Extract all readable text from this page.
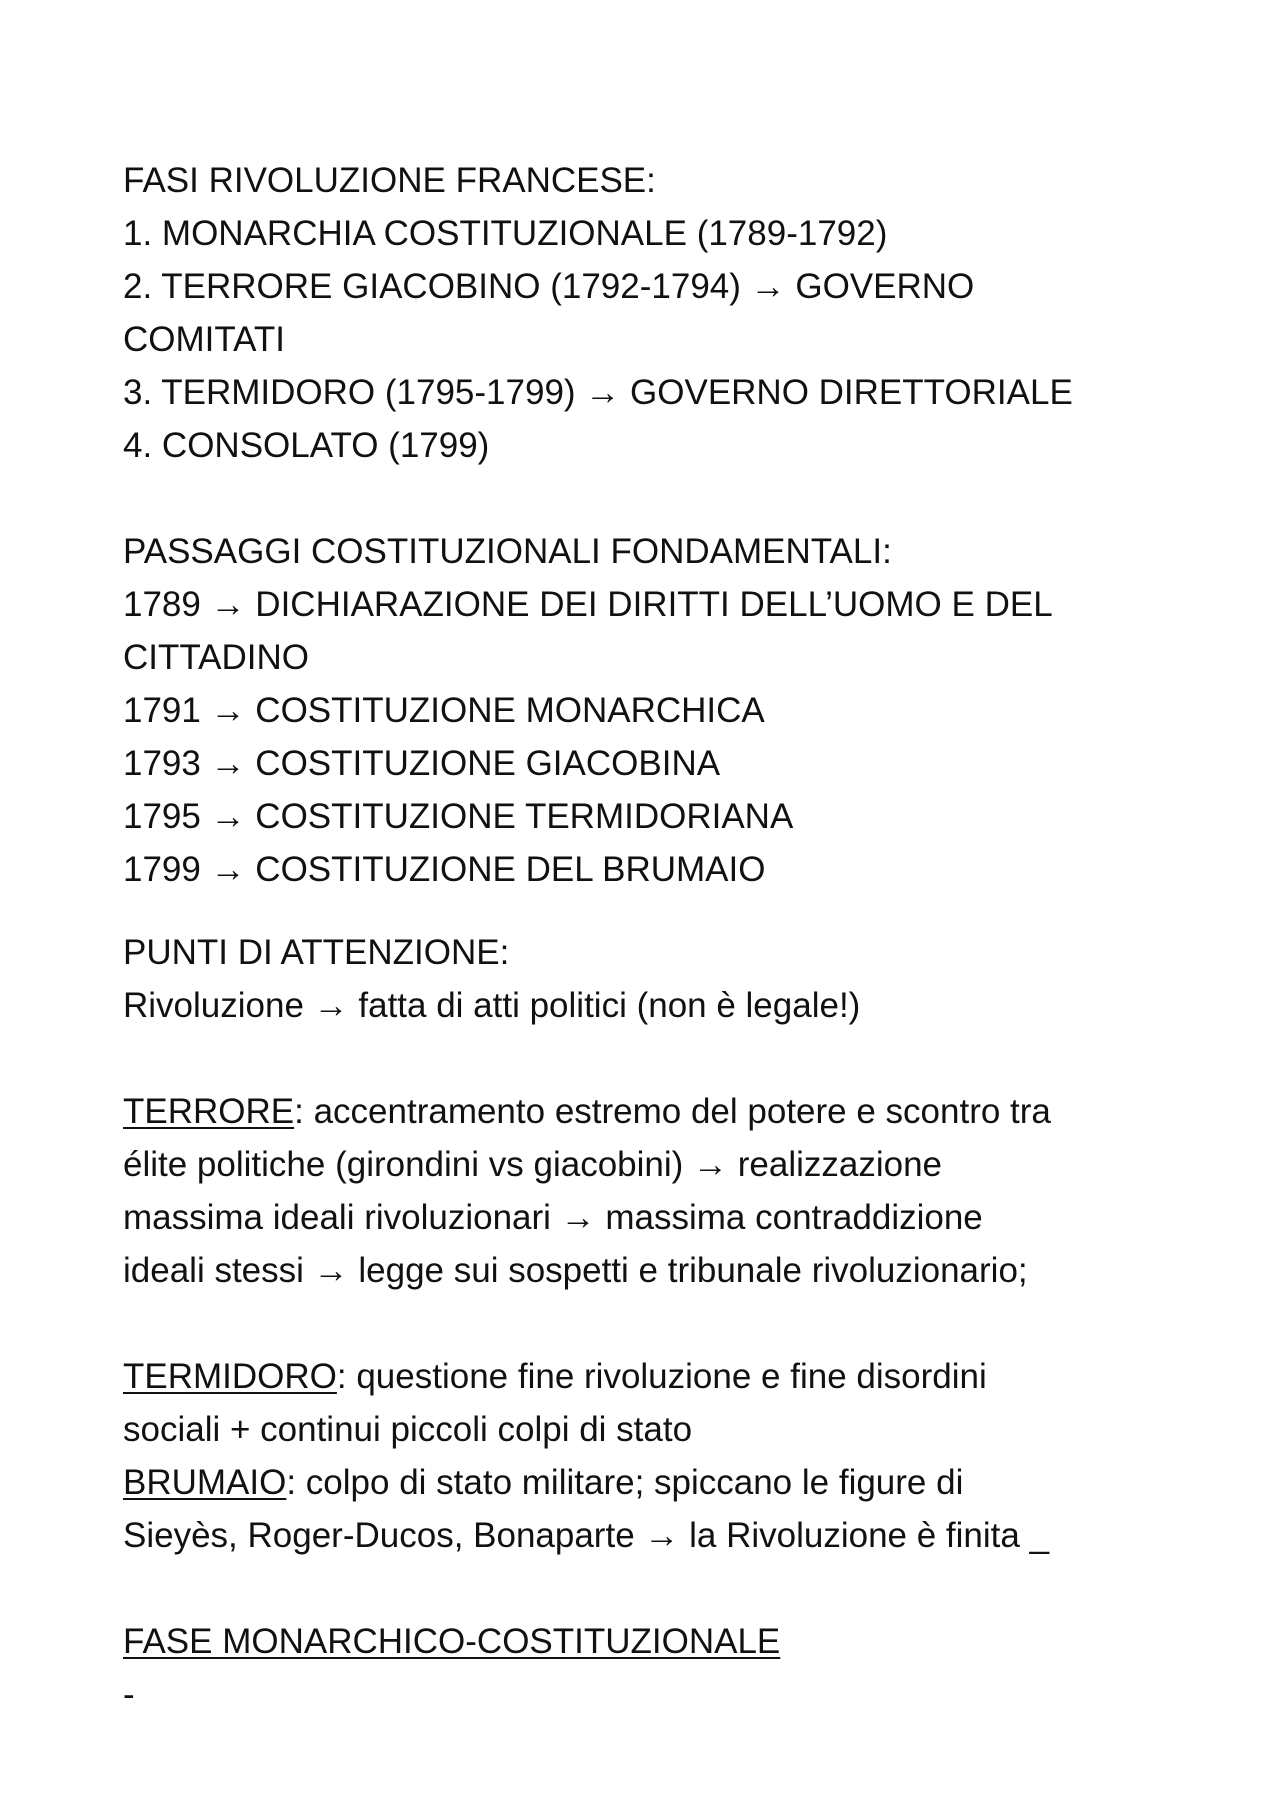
FASI RIVOLUZIONE FRANCESE:
1. MONARCHIA COSTITUZIONALE (1789-1792)
2. TERRORE GIACOBINO (1792-1794) → GOVERNO
COMITATI
3. TERMIDORO (1795-1799) → GOVERNO DIRETTORIALE
4. CONSOLATO (1799)
PASSAGGI COSTITUZIONALI FONDAMENTALI:
1789 → DICHIARAZIONE DEI DIRITTI DELL’UOMO E DEL
CITTADINO
1791 → COSTITUZIONE MONARCHICA
1793 → COSTITUZIONE GIACOBINA
1795 → COSTITUZIONE TERMIDORIANA
1799 → COSTITUZIONE DEL BRUMAIO
PUNTI DI ATTENZIONE:
Rivoluzione → fatta di atti politici (non è legale!)
TERRORE: accentramento estremo del potere e scontro tra
élite politiche (girondini vs giacobini) → realizzazione
massima ideali rivoluzionari → massima contraddizione
ideali stessi → legge sui sospetti e tribunale rivoluzionario;
TERMIDORO: questione fine rivoluzione e fine disordini
sociali + continui piccoli colpi di stato
BRUMAIO: colpo di stato militare; spiccano le figure di
Sieyès, Roger-Ducos, Bonaparte → la Rivoluzione è finita _
FASE MONARCHICO-COSTITUZIONALE
-
